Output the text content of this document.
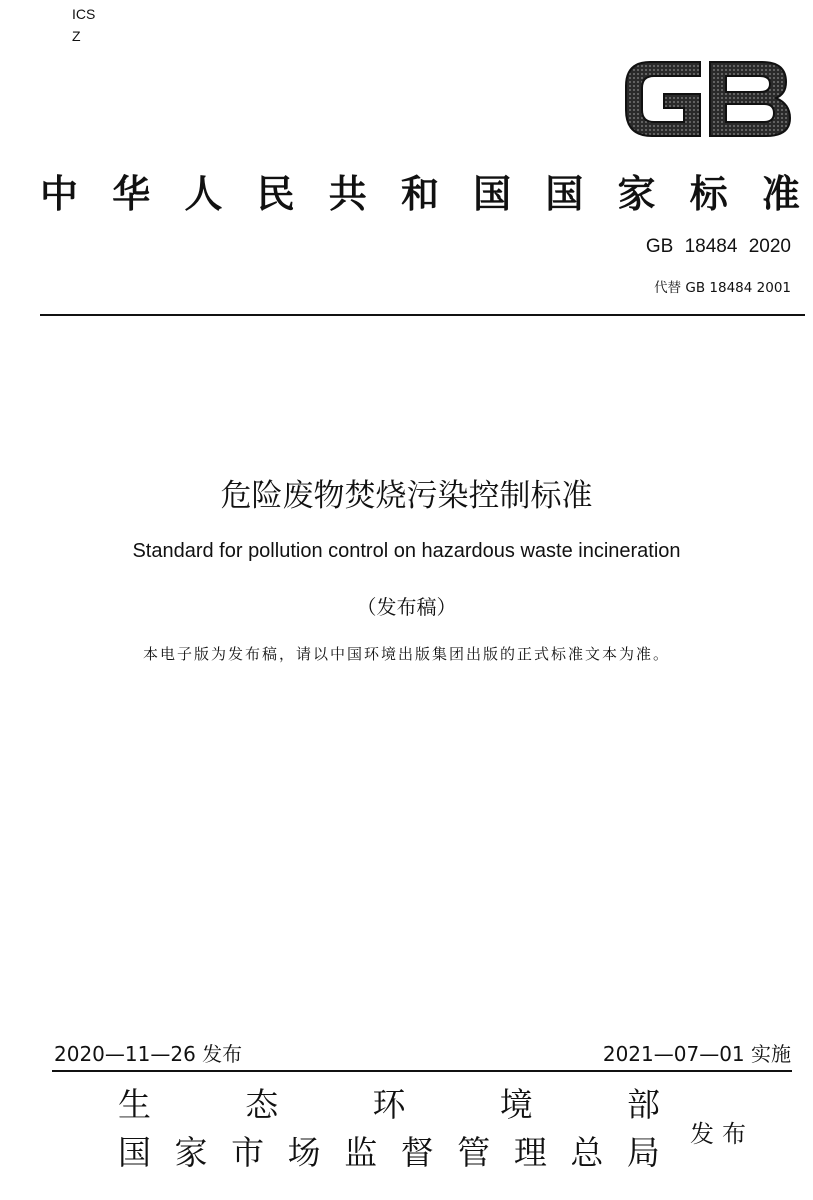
ICS
Z
中 华 人 民 共 和 国 国 家 标 准
GB 18484 2020
代替 GB 18484 2001
危险废物焚烧污染控制标准
Standard for pollution control on hazardous waste incineration
（发布稿）
本电子版为发布稿，请以中国环境出版集团出版的正式标准文本为准。
2020—11—26 发布	2021—07—01 实施
生	态	环	境	部
国 家 市 场 监 督 管 理 总 局 发布
